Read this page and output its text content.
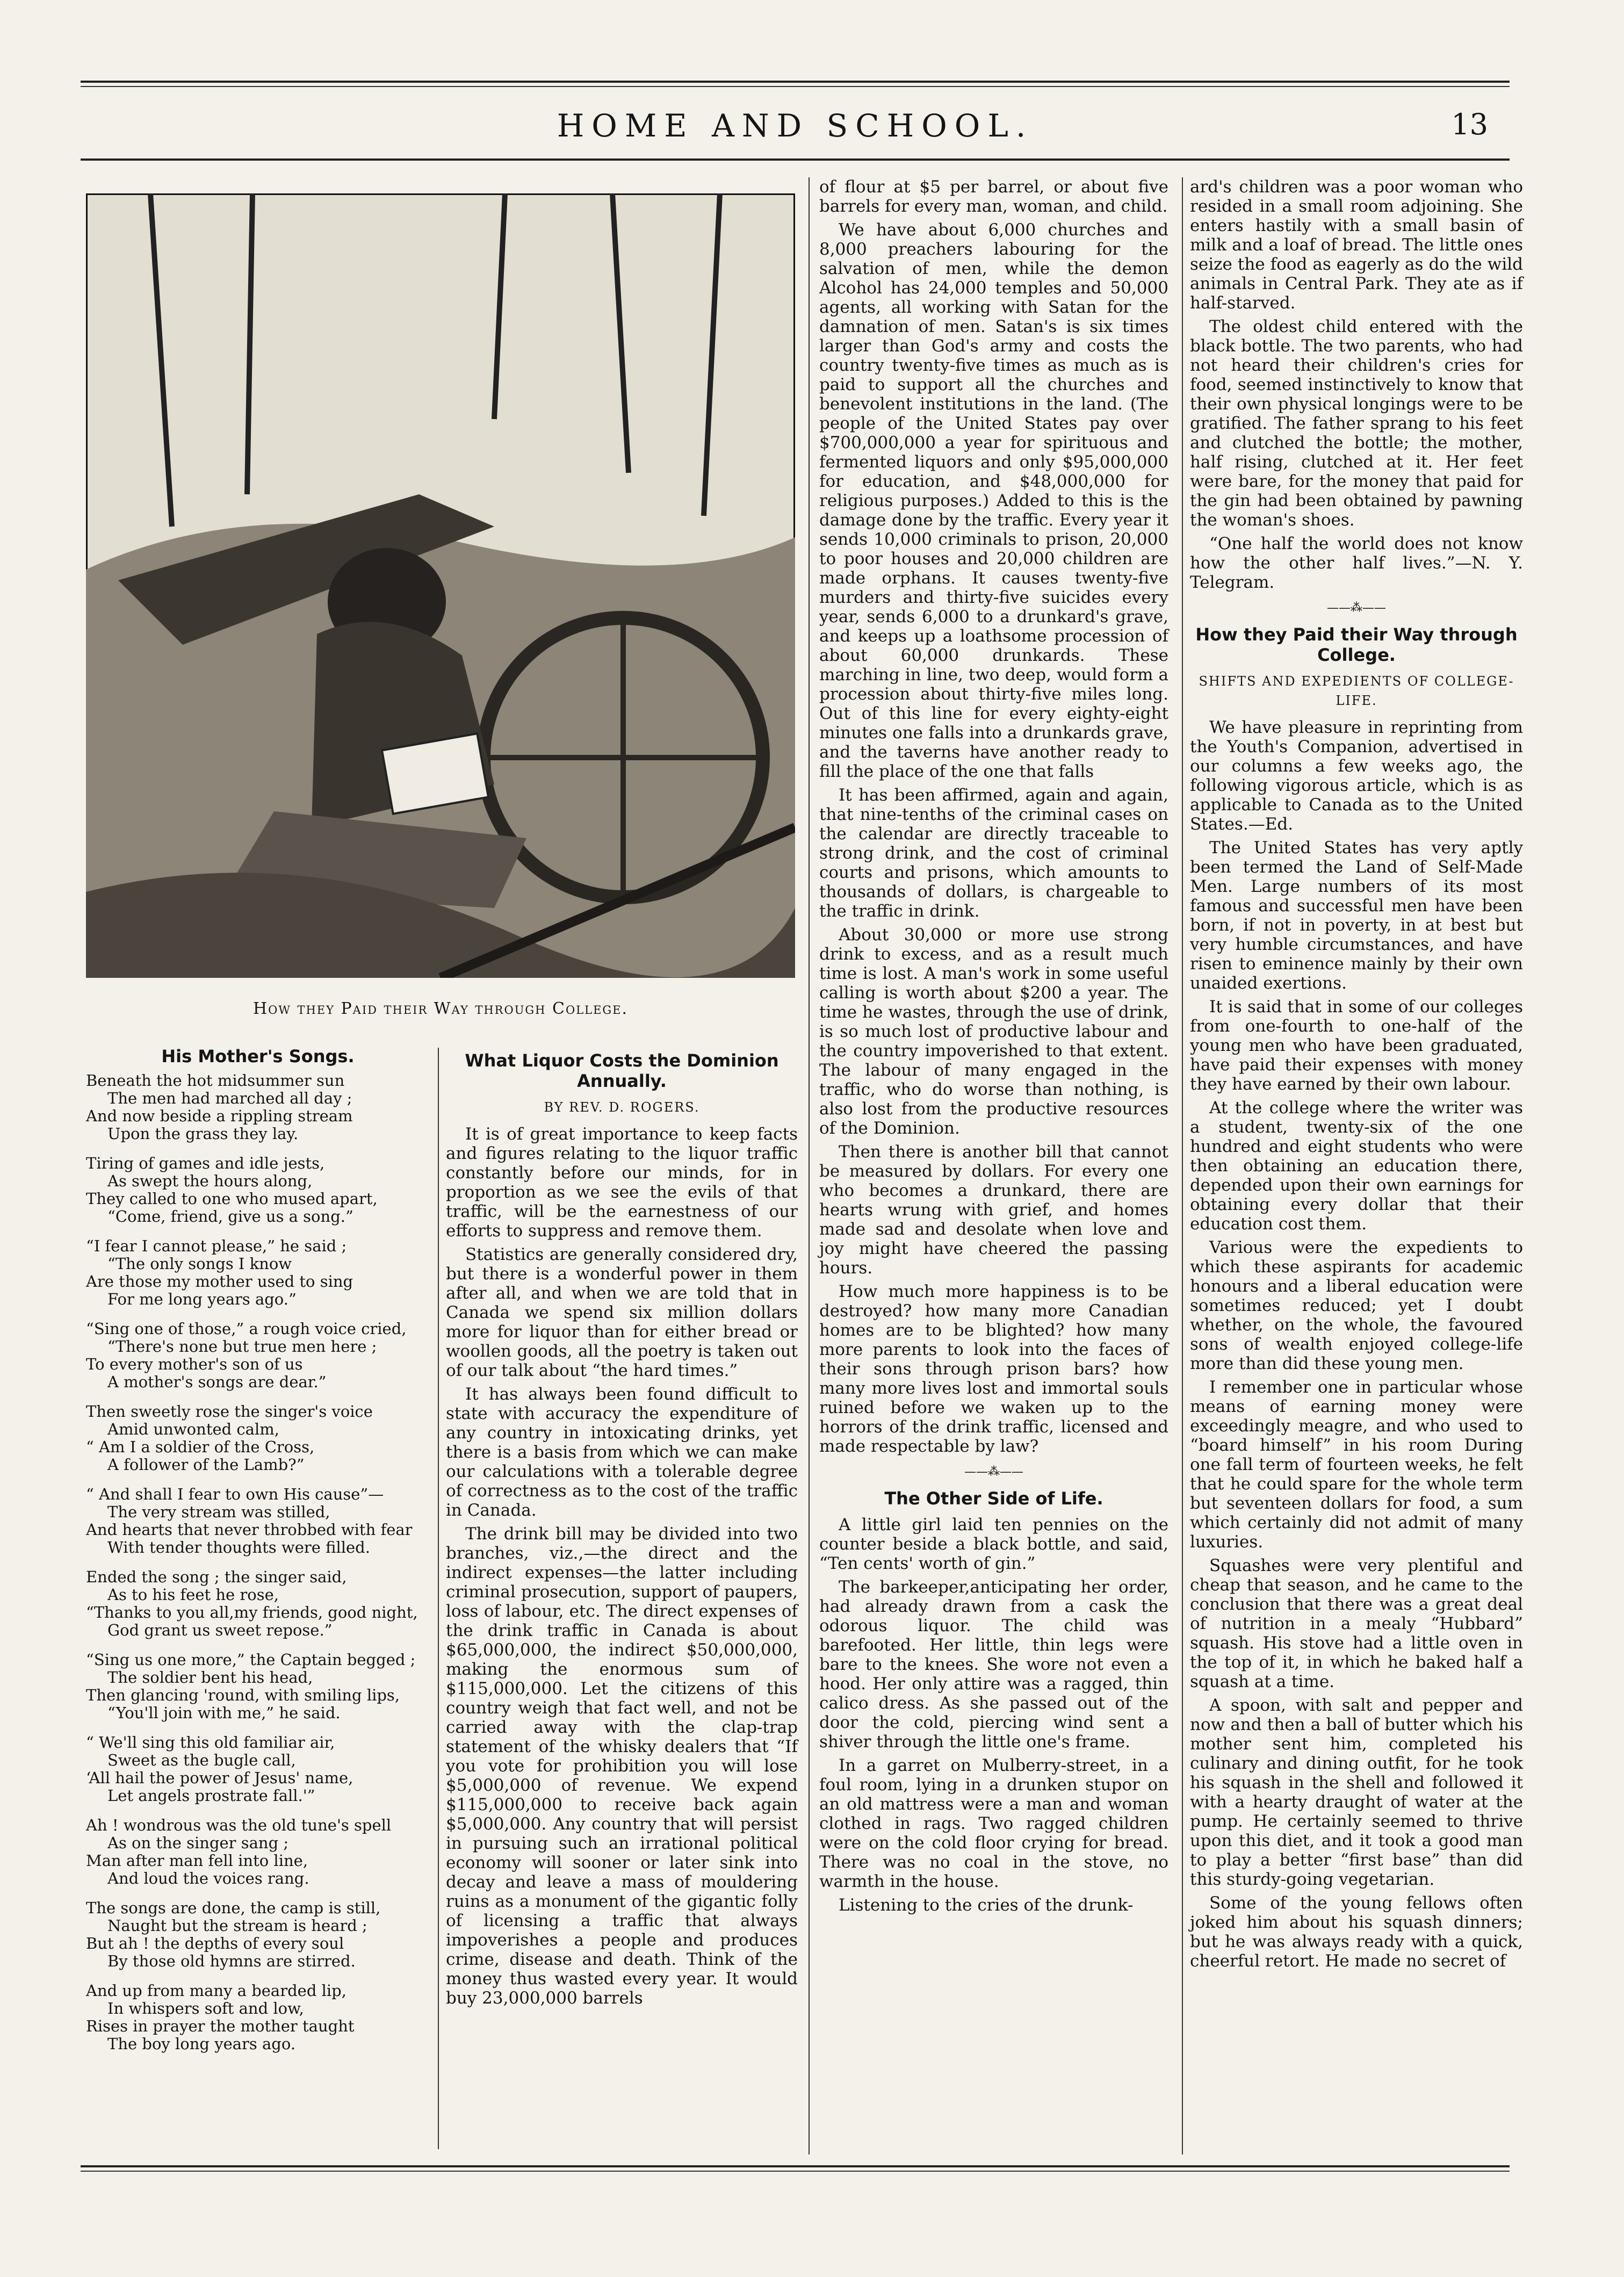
HOME AND SCHOOL.	13
How they Paid their Way through College.
His Mother's Songs.
Beneath the hot midsummer sun
The men had marched all day ;
And now beside a rippling stream
Upon the grass they lay.
Tiring of games and idle jests,
As swept the hours along,
They called to one who mused apart,
“Come, friend, give us a song.”
“I fear I cannot please,” he said ;
“The only songs I know
Are those my mother used to sing
For me long years ago.”
“Sing one of those,” a rough voice cried,
“There's none but true men here ;
To every mother's son of us
A mother's songs are dear.”
Then sweetly rose the singer's voice
Amid unwonted calm,
“ Am I a soldier of the Cross,
A follower of the Lamb?”
“ And shall I fear to own His cause”—
The very stream was stilled,
And hearts that never throbbed with fear
With tender thoughts were filled.
Ended the song ; the singer said,
As to his feet he rose,
“Thanks to you all,my friends, good night,
God grant us sweet repose.”
“Sing us one more,” the Captain begged ;
The soldier bent his head,
Then glancing 'round, with smiling lips,
“You'll join with me,” he said.
“ We'll sing this old familiar air,
Sweet as the bugle call,
‘All hail the power of Jesus' name,
Let angels prostrate fall.'”
Ah ! wondrous was the old tune's spell
As on the singer sang ;
Man after man fell into line,
And loud the voices rang.
The songs are done, the camp is still,
Naught but the stream is heard ;
But ah ! the depths of every soul
By those old hymns are stirred.
And up from many a bearded lip,
In whispers soft and low,
Rises in prayer the mother taught
The boy long years ago.
What Liquor Costs the Dominion Annually.
BY REV. D. ROGERS.

It is of great importance to keep facts and figures relating to the liquor traffic constantly before our minds, for in proportion as we see the evils of that traffic, will be the earnestness of our efforts to suppress and remove them.

Statistics are generally considered dry, but there is a wonderful power in them after all, and when we are told that in Canada we spend six million dollars more for liquor than for either bread or woollen goods, all the poetry is taken out of our talk about “the hard times.”

It has always been found difficult to state with accuracy the expenditure of any country in intoxicating drinks, yet there is a basis from which we can make our calculations with a tolerable degree of correctness as to the cost of the traffic in Canada.

The drink bill may be divided into two branches, viz.,—the direct and the indirect expenses—the latter including criminal prosecution, support of paupers, loss of labour, etc. The direct expenses of the drink traffic in Canada is about $65,000,000, the indirect $50,000,000, making the enormous sum of $115,000,000. Let the citizens of this country weigh that fact well, and not be carried away with the clap-trap statement of the whisky dealers that “If you vote for prohibition you will lose $5,000,000 of revenue. We expend $115,000,000 to receive back again $5,000,000. Any country that will persist in pursuing such an irrational political economy will sooner or later sink into decay and leave a mass of mouldering ruins as a monument of the gigantic folly of licensing a traffic that always impoverishes a people and produces crime, disease and death. Think of the money thus wasted every year. It would buy 23,000,000 barrels

of flour at $5 per barrel, or about five barrels for every man, woman, and child.

We have about 6,000 churches and 8,000 preachers labouring for the salvation of men, while the demon Alcohol has 24,000 temples and 50,000 agents, all working with Satan for the damnation of men. Satan's is six times larger than God's army and costs the country twenty-five times as much as is paid to support all the churches and benevolent institutions in the land. (The people of the United States pay over $700,000,000 a year for spirituous and fermented liquors and only $95,000,000 for education, and $48,000,000 for religious purposes.) Added to this is the damage done by the traffic. Every year it sends 10,000 criminals to prison, 20,000 to poor houses and 20,000 children are made orphans. It causes twenty-five murders and thirty-five suicides every year, sends 6,000 to a drunkard's grave, and keeps up a loathsome procession of about 60,000 drunkards. These marching in line, two deep, would form a procession about thirty-five miles long. Out of this line for every eighty-eight minutes one falls into a drunkards grave, and the taverns have another ready to fill the place of the one that falls

It has been affirmed, again and again, that nine-tenths of the criminal cases on the calendar are directly traceable to strong drink, and the cost of criminal courts and prisons, which amounts to thousands of dollars, is chargeable to the traffic in drink.

About 30,000 or more use strong drink to excess, and as a result much time is lost. A man's work in some useful calling is worth about $200 a year. The time he wastes, through the use of drink, is so much lost of productive labour and the country impoverished to that extent. The labour of many engaged in the traffic, who do worse than nothing, is also lost from the productive resources of the Dominion.

Then there is another bill that cannot be measured by dollars. For every one who becomes a drunkard, there are hearts wrung with grief, and homes made sad and desolate when love and joy might have cheered the passing hours.

How much more happiness is to be destroyed? how many more Canadian homes are to be blighted? how many more parents to look into the faces of their sons through prison bars? how many more lives lost and immortal souls ruined before we waken up to the horrors of the drink traffic, licensed and made respectable by law?

——⁂——
The Other Side of Life.

A little girl laid ten pennies on the counter beside a black bottle, and said, “Ten cents' worth of gin.”

The barkeeper,anticipating her order, had already drawn from a cask the odorous liquor. The child was barefooted. Her little, thin legs were bare to the knees. She wore not even a hood. Her only attire was a ragged, thin calico dress. As she passed out of the door the cold, piercing wind sent a shiver through the little one's frame.

In a garret on Mulberry-street, in a foul room, lying in a drunken stupor on an old mattress were a man and woman clothed in rags. Two ragged children were on the cold floor crying for bread. There was no coal in the stove, no warmth in the house.

Listening to the cries of the drunk-

ard's children was a poor woman who resided in a small room adjoining. She enters hastily with a small basin of milk and a loaf of bread. The little ones seize the food as eagerly as do the wild animals in Central Park. They ate as if half-starved.

The oldest child entered with the black bottle. The two parents, who had not heard their children's cries for food, seemed instinctively to know that their own physical longings were to be gratified. The father sprang to his feet and clutched the bottle; the mother, half rising, clutched at it. Her feet were bare, for the money that paid for the gin had been obtained by pawning the woman's shoes.

“One half the world does not know how the other half lives.”—N. Y. Telegram.

——⁂——
How they Paid their Way through College.
SHIFTS AND EXPEDIENTS OF COLLEGE-LIFE.

We have pleasure in reprinting from the Youth's Companion, advertised in our columns a few weeks ago, the following vigorous article, which is as applicable to Canada as to the United States.—Ed.

The United States has very aptly been termed the Land of Self-Made Men. Large numbers of its most famous and successful men have been born, if not in poverty, in at best but very humble circumstances, and have risen to eminence mainly by their own unaided exertions.

It is said that in some of our colleges from one-fourth to one-half of the young men who have been graduated, have paid their expenses with money they have earned by their own labour.

At the college where the writer was a student, twenty-six of the one hundred and eight students who were then obtaining an education there, depended upon their own earnings for obtaining every dollar that their education cost them.

Various were the expedients to which these aspirants for academic honours and a liberal education were sometimes reduced; yet I doubt whether, on the whole, the favoured sons of wealth enjoyed college-life more than did these young men.

I remember one in particular whose means of earning money were exceedingly meagre, and who used to “board himself” in his room During one fall term of fourteen weeks, he felt that he could spare for the whole term but seventeen dollars for food, a sum which certainly did not admit of many luxuries.

Squashes were very plentiful and cheap that season, and he came to the conclusion that there was a great deal of nutrition in a mealy “Hubbard” squash. His stove had a little oven in the top of it, in which he baked half a squash at a time.

A spoon, with salt and pepper and now and then a ball of butter which his mother sent him, completed his culinary and dining outfit, for he took his squash in the shell and followed it with a hearty draught of water at the pump. He certainly seemed to thrive upon this diet, and it took a good man to play a better “first base” than did this sturdy-going vegetarian.

Some of the young fellows often joked him about his squash dinners; but he was always ready with a quick, cheerful retort. He made no secret of
